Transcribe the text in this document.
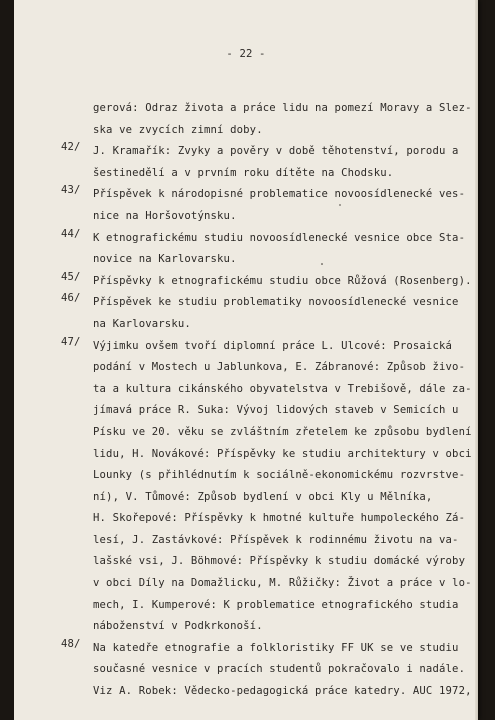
- 22 -
gerová: Odraz života a práce lidu na pomezí Moravy a Slez-
ska ve zvycích zimní doby.
42/	J. Kramařík: Zvyky a pověry v době těhotenství, porodu a
šestinedělí a v prvním roku dítěte na Chodsku.
43/	Příspěvek k národopisné problematice novoosídlenecké ves-
nice na Horšovotýnsku.
44/	K etnografickému studiu novoosídlenecké vesnice obce Sta-
novice na Karlovarsku.
45/	Příspěvky k etnografickému studiu obce Růžová (Rosenberg).
46/	Příspěvek ke studiu problematiky novoosídlenecké vesnice
na Karlovarsku.
47/	Výjimku ovšem tvoří diplomní práce L. Ulcové: Prosaická
podání v Mostech u Jablunkova, E. Zábranové: Způsob živo-
ta a kultura cikánského obyvatelstva v Trebišově, dále za-
jímavá práce R. Suka: Vývoj lidových staveb v Semicích u
Písku ve 20. věku se zvláštním zřetelem ke způsobu bydlení
lidu, H. Novákové: Příspěvky ke studiu architektury v obci
Lounky (s přihlédnutím k sociálně-ekonomickému rozvrstve-
ní), V. Tůmové: Způsob bydlení v obci Kly u Mělníka,
H. Skořepové: Příspěvky k hmotné kultuře humpoleckého Zá-
lesí, J. Zastávkové: Příspěvek k rodinnému životu na va-
lašské vsi, J. Böhmové: Příspěvky k studiu domácké výroby
v obci Díly na Domažlicku, M. Růžičky: Život a práce v lo-
mech, I. Kumperové: K problematice etnografického studia
náboženství v Podkrkonoší.
48/	Na katedře etnografie a folkloristiky FF UK se ve studiu
současné vesnice v pracích studentů pokračovalo i nadále.
Viz A. Robek: Vědecko-pedagogická práce katedry. AUC 1972,
